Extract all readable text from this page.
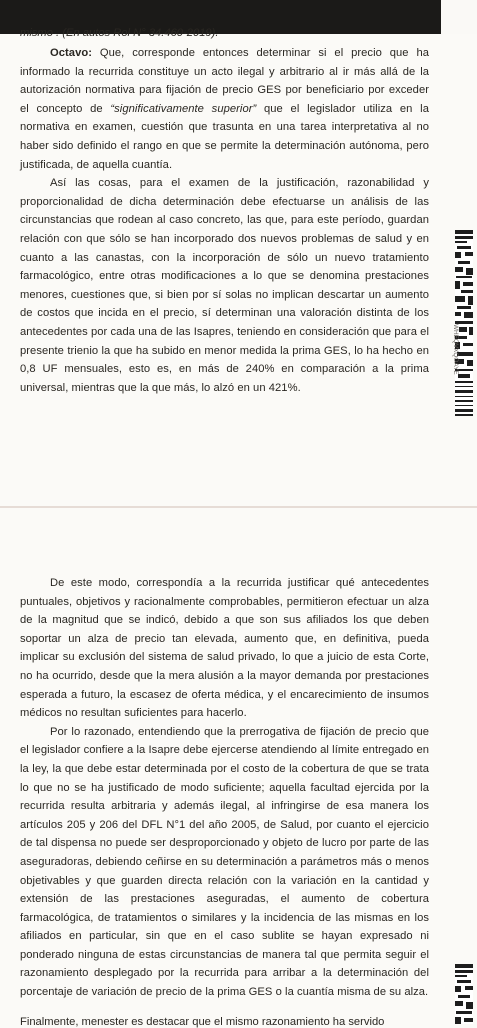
mismo . (En autos Rol N° 34.460-2019).

Octavo: Que, corresponde entonces determinar si el precio que ha informado la recurrida constituye un acto ilegal y arbitrario al ir más allá de la autorización normativa para fijación de precio GES por beneficiario por exceder el concepto de “significativamente superior” que el legislador utiliza en la normativa en examen, cuestión que trasunta en una tarea interpretativa al no haber sido definido el rango en que se permite la determinación autónoma, pero justificada, de aquella cuantía.

Así las cosas, para el examen de la justificación, razonabilidad y proporcionalidad de dicha determinación debe efectuarse un análisis de las circunstancias que rodean al caso concreto, las que, para este período, guardan relación con que sólo se han incorporado dos nuevos problemas de salud y en cuanto a las canastas, con la incorporación de sólo un nuevo tratamiento farmacológico, entre otras modificaciones a lo que se denomina prestaciones menores, cuestiones que, si bien por sí solas no implican descartar un aumento de costos que incida en el precio, sí determinan una valoración distinta de los antecedentes por cada una de las Isapres, teniendo en consideración que para el presente trienio la que ha subido en menor medida la prima GES, lo ha hecho en 0,8 UF mensuales, esto es, en más de 240% en comparación a la prima universal, mientras que la que más, lo alzó en un 421%.

WHEQVXQOAYE

De este modo, correspondía a la recurrida justificar qué antecedentes puntuales, objetivos y racionalmente comprobables, permitieron efectuar un alza de la magnitud que se indicó, debido a que son sus afiliados los que deben soportar un alza de precio tan elevada, aumento que, en definitiva, pueda implicar su exclusión del sistema de salud privado, lo que a juicio de esta Corte, no ha ocurrido, desde que la mera alusión a la mayor demanda por prestaciones esperada a futuro, la escasez de oferta médica, y el encarecimiento de insumos médicos no resultan suficientes para hacerlo.

Por lo razonado, entendiendo que la prerrogativa de fijación de precio que el legislador confiere a la Isapre debe ejercerse atendiendo al límite entregado en la ley, la que debe estar determinada por el costo de la cobertura de que se trata lo que no se ha justificado de modo suficiente; aquella facultad ejercida por la recurrida resulta arbitraria y además ilegal, al infringirse de esa manera los artículos 205 y 206 del DFL N°1 del año 2005, de Salud, por cuanto el ejercicio de tal dispensa no puede ser desproporcionado y objeto de lucro por parte de las aseguradoras, debiendo ceñirse en su determinación a parámetros más o menos objetivables y que guarden directa relación con la variación en la cantidad y extensión de las prestaciones aseguradas, el aumento de cobertura farmacológica, de tratamientos o similares y la incidencia de las mismas en los afiliados en particular, sin que en el caso sublite se hayan expresado ni ponderado ninguna de estas circunstancias de manera tal que permita seguir el razonamiento desplegado por la recurrida para arribar a la determinación del porcentaje de variación de precio de la prima GES o la cuantía misma de su alza.

Finalmente, menester es destacar que el mismo razonamiento ha servido
